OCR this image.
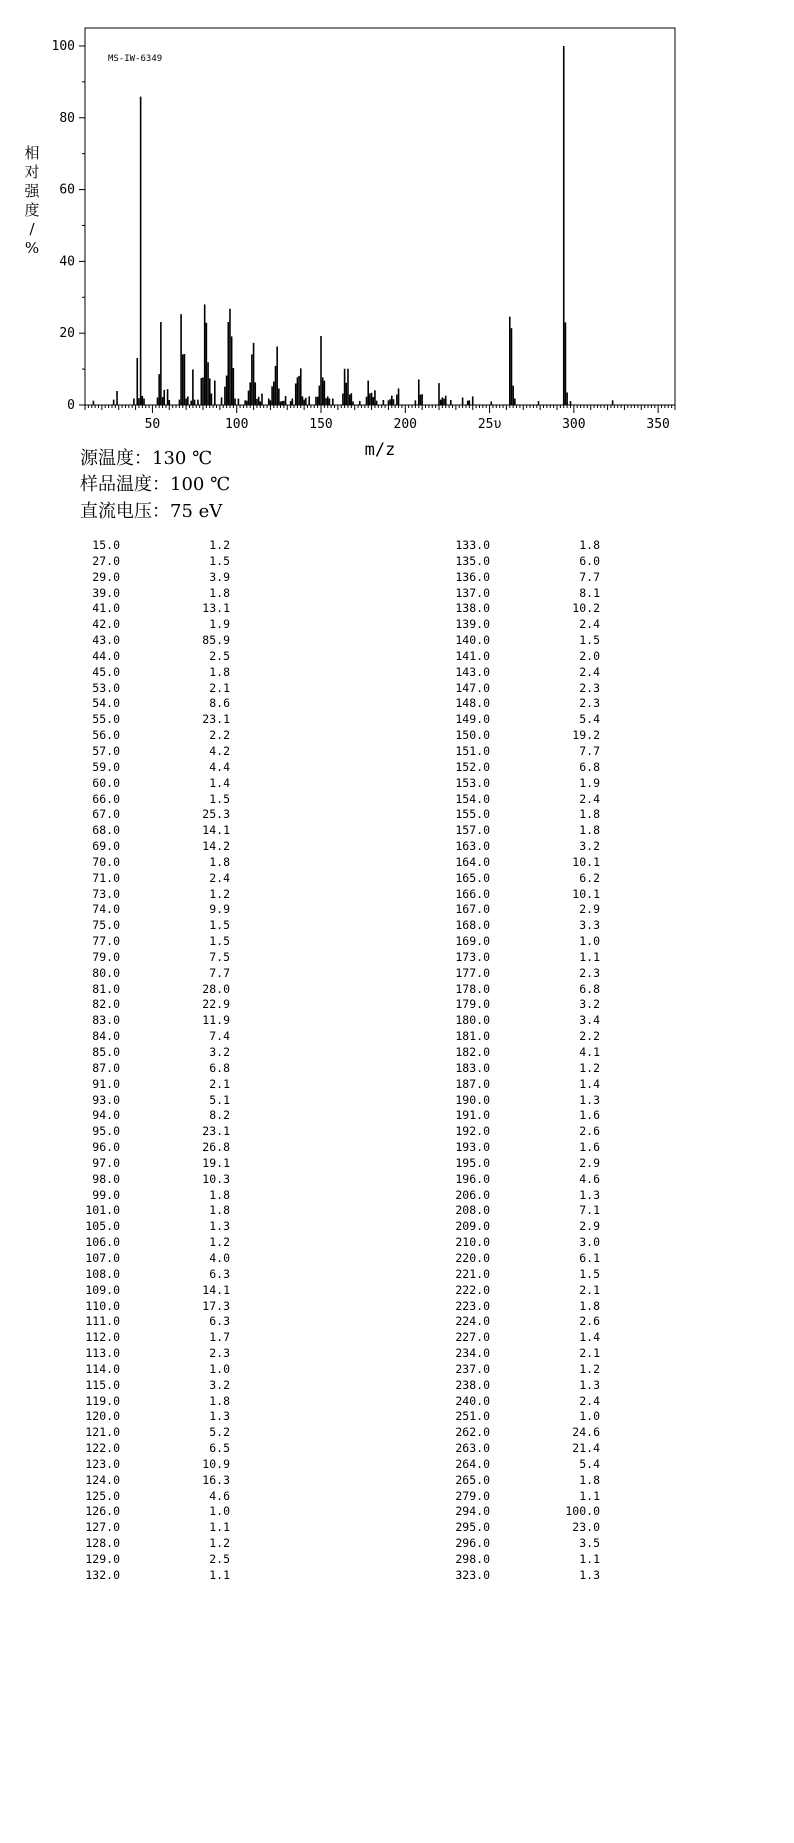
MS-IW-6349
m/z
相
对
强
度
/
%
0
20
40
60
80
100
50	100	150	200	25υ	300	350
源温度：130 ℃
样品温度：100 ℃
直流电压：75 eV
15.0	1.2
27.0	1.5
29.0	3.9
39.0	1.8
41.0	13.1
42.0	1.9
43.0	85.9
44.0	2.5
45.0	1.8
53.0	2.1
54.0	8.6
55.0	23.1
56.0	2.2
57.0	4.2
59.0	4.4
60.0	1.4
66.0	1.5
67.0	25.3
68.0	14.1
69.0	14.2
70.0	1.8
71.0	2.4
73.0	1.2
74.0	9.9
75.0	1.5
77.0	1.5
79.0	7.5
80.0	7.7
81.0	28.0
82.0	22.9
83.0	11.9
84.0	7.4
85.0	3.2
87.0	6.8
91.0	2.1
93.0	5.1
94.0	8.2
95.0	23.1
96.0	26.8
97.0	19.1
98.0	10.3
99.0	1.8
101.0	1.8
105.0	1.3
106.0	1.2
107.0	4.0
108.0	6.3
109.0	14.1
110.0	17.3
111.0	6.3
112.0	1.7
113.0	2.3
114.0	1.0
115.0	3.2
119.0	1.8
120.0	1.3
121.0	5.2
122.0	6.5
123.0	10.9
124.0	16.3
125.0	4.6
126.0	1.0
127.0	1.1
128.0	1.2
129.0	2.5
132.0	1.1
133.0	1.8
135.0	6.0
136.0	7.7
137.0	8.1
138.0	10.2
139.0	2.4
140.0	1.5
141.0	2.0
143.0	2.4
147.0	2.3
148.0	2.3
149.0	5.4
150.0	19.2
151.0	7.7
152.0	6.8
153.0	1.9
154.0	2.4
155.0	1.8
157.0	1.8
163.0	3.2
164.0	10.1
165.0	6.2
166.0	10.1
167.0	2.9
168.0	3.3
169.0	1.0
173.0	1.1
177.0	2.3
178.0	6.8
179.0	3.2
180.0	3.4
181.0	2.2
182.0	4.1
183.0	1.2
187.0	1.4
190.0	1.3
191.0	1.6
192.0	2.6
193.0	1.6
195.0	2.9
196.0	4.6
206.0	1.3
208.0	7.1
209.0	2.9
210.0	3.0
220.0	6.1
221.0	1.5
222.0	2.1
223.0	1.8
224.0	2.6
227.0	1.4
234.0	2.1
237.0	1.2
238.0	1.3
240.0	2.4
251.0	1.0
262.0	24.6
263.0	21.4
264.0	5.4
265.0	1.8
279.0	1.1
294.0	100.0
295.0	23.0
296.0	3.5
298.0	1.1
323.0	1.3
